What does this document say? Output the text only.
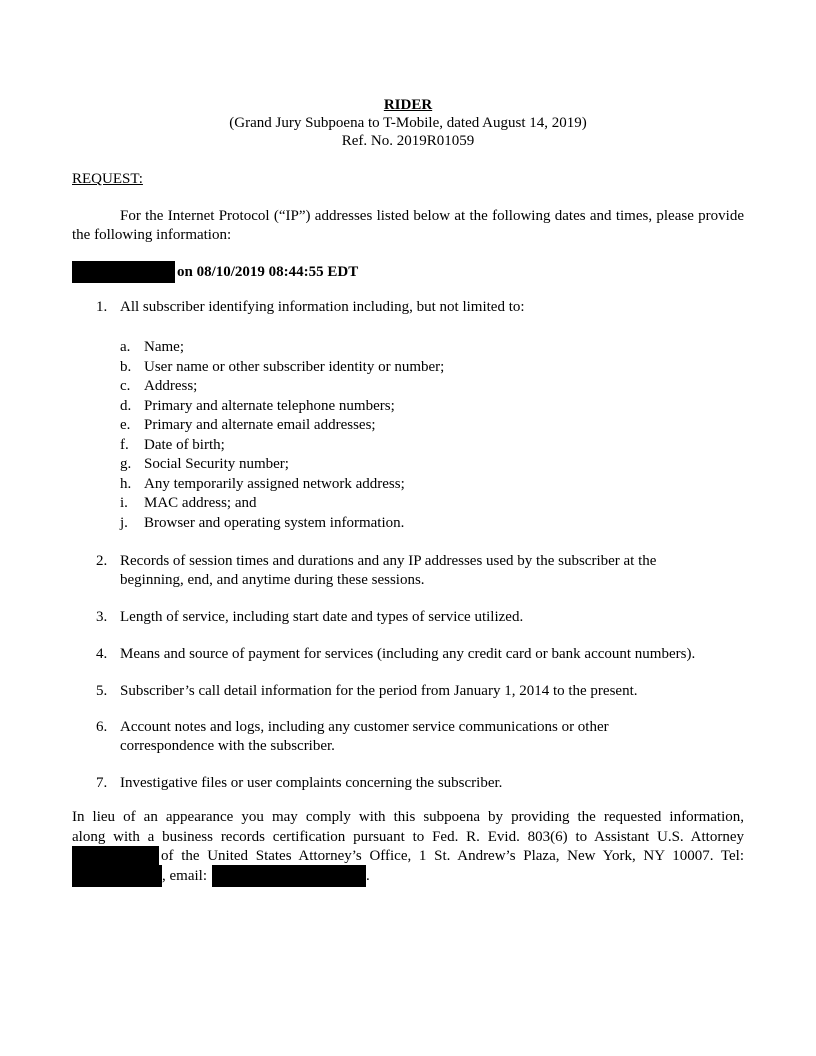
RIDER
(Grand Jury Subpoena to T-Mobile, dated August 14, 2019)
Ref. No. 2019R01059
REQUEST:

For the Internet Protocol (“IP”) addresses listed below at the following dates and times, please provide the following information:

on 08/10/2019 08:44:55 EDT
1. All subscriber identifying information including, but not limited to:
a. Name;
b. User name or other subscriber identity or number;
c. Address;
d. Primary and alternate telephone numbers;
e. Primary and alternate email addresses;
f. Date of birth;
g. Social Security number;
h. Any temporarily assigned network address;
i. MAC address; and
j. Browser and operating system information.
2. Records of session times and durations and any IP addresses used by the subscriber at the beginning, end, and anytime during these sessions.
3. Length of service, including start date and types of service utilized.
4. Means and source of payment for services (including any credit card or bank account numbers).
5. Subscriber’s call detail information for the period from January 1, 2014 to the present.
6. Account notes and logs, including any customer service communications or other correspondence with the subscriber.
7. Investigative files or user complaints concerning the subscriber.
In lieu of an appearance you may comply with this subpoena by providing the requested information,
along with a business records certification pursuant to Fed. R. Evid. 803(6) to Assistant U.S. Attorney
of the United States Attorney’s Office, 1 St. Andrew’s Plaza, New York, NY 10007. Tel:
, email:	.
